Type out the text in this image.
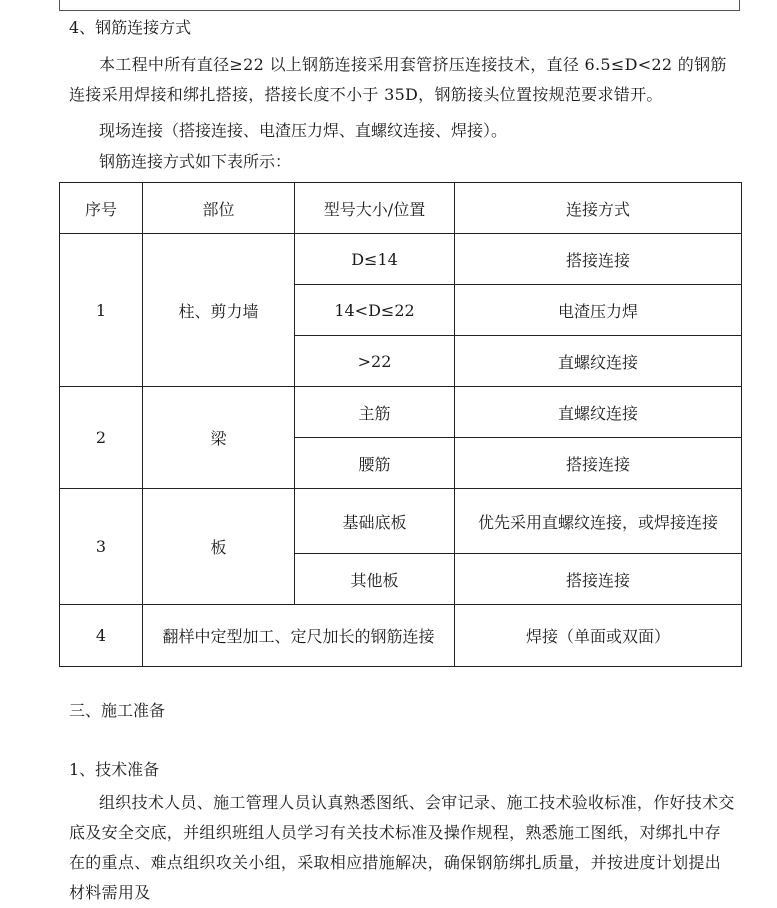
4、钢筋连接方式
本工程中所有直径≥22 以上钢筋连接采用套管挤压连接技术，直径 6.5≤D<22 的钢筋连接采用焊接和绑扎搭接，搭接长度不小于 35D，钢筋接头位置按规范要求错开。
现场连接（搭接连接、电渣压力焊、直螺纹连接、焊接）。
钢筋连接方式如下表所示：
序号	部位	型号大小/位置	连接方式
1	柱、剪力墙	D≤14	搭接连接
		14<D≤22	电渣压力焊
		>22	直螺纹连接
2	梁	主筋	直螺纹连接
		腰筋	搭接连接
3	板	基础底板	优先采用直螺纹连接，或焊接连接
		其他板	搭接连接
4	翻样中定型加工、定尺加长的钢筋连接		焊接（单面或双面）
三、施工准备
1、技术准备
组织技术人员、施工管理人员认真熟悉图纸、会审记录、施工技术验收标准，作好技术交底及安全交底，并组织班组人员学习有关技术标准及操作规程，熟悉施工图纸，对绑扎中存在的重点、难点组织攻关小组，采取相应措施解决，确保钢筋绑扎质量，并按进度计划提出材料需用及
